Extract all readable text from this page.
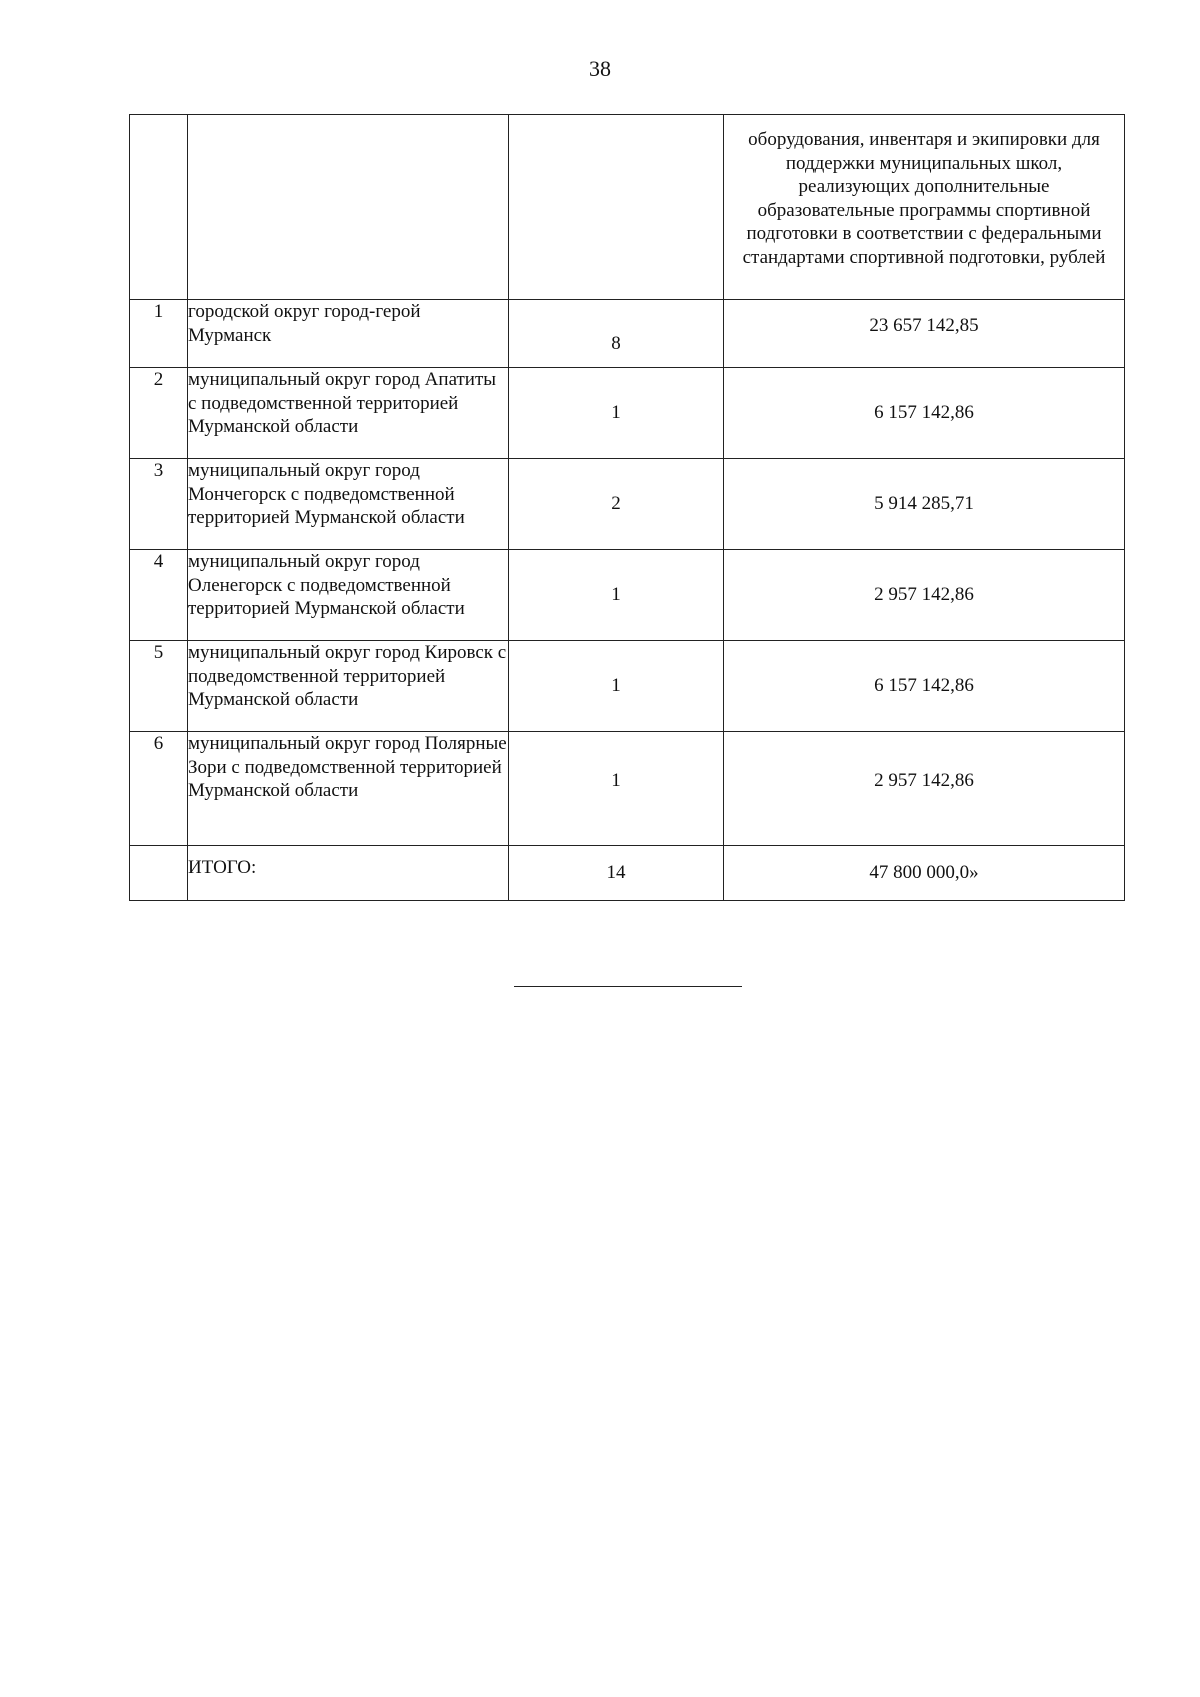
38

			оборудования, инвентаря и экипировки для поддержки муниципальных школ, реализующих дополнительные образовательные программы спортивной подготовки в соответствии с федеральными стандартами спортивной подготовки, рублей

1	городской округ город-герой Мурманск	8	23 657 142,85
2	муниципальный округ город Апатиты с подведомственной территорией Мурманской области	1	6 157 142,86
3	муниципальный округ город Мончегорск с подведомственной территорией Мурманской области	2	5 914 285,71
4	муниципальный округ город Оленегорск с подведомственной территорией Мурманской области	1	2 957 142,86
5	муниципальный округ город Кировск с подведомственной территорией Мурманской области	1	6 157 142,86
6	муниципальный округ город Полярные Зори с подведомственной территорией Мурманской области	1	2 957 142,86
	ИТОГО:	14	47 800 000,0»
